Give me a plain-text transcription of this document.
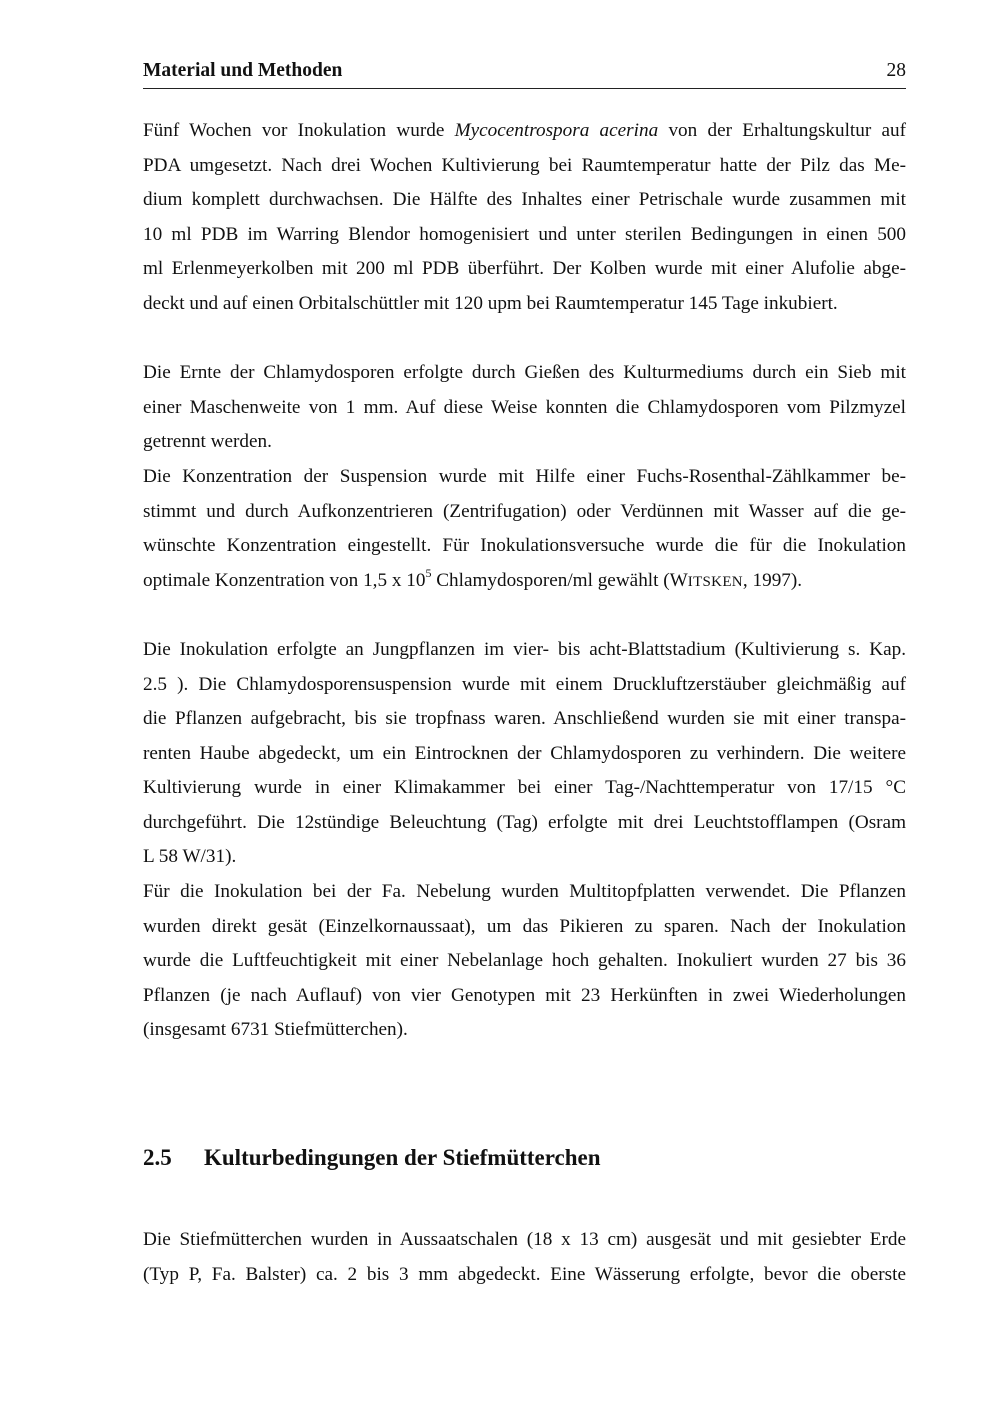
Material und Methoden	28
Fünf Wochen vor Inokulation wurde Mycocentrospora acerina von der Erhaltungskultur auf
PDA umgesetzt. Nach drei Wochen Kultivierung bei Raumtemperatur hatte der Pilz das Me-
dium komplett durchwachsen. Die Hälfte des Inhaltes einer Petrischale wurde zusammen mit
10 ml PDB im Warring Blendor homogenisiert und unter sterilen Bedingungen in einen 500
ml Erlenmeyerkolben mit 200 ml PDB überführt. Der Kolben wurde mit einer Alufolie abge-
deckt und auf einen Orbitalschüttler mit 120 upm bei Raumtemperatur 145 Tage inkubiert.
Die Ernte der Chlamydosporen erfolgte durch Gießen des Kulturmediums durch ein Sieb mit
einer Maschenweite von 1 mm. Auf diese Weise konnten die Chlamydosporen vom Pilzmyzel
getrennt werden.
Die Konzentration der Suspension wurde mit Hilfe einer Fuchs-Rosenthal-Zählkammer be-
stimmt und durch Aufkonzentrieren (Zentrifugation) oder Verdünnen mit Wasser auf die ge-
wünschte Konzentration eingestellt. Für Inokulationsversuche wurde die für die Inokulation
optimale Konzentration von 1,5 x $10^5$ Chlamydosporen/ml gewählt (WITSKEN, 1997).
Die Inokulation erfolgte an Jungpflanzen im vier- bis acht-Blattstadium (Kultivierung s. Kap.
2.5 ). Die Chlamydosporensuspension wurde mit einem Druckluftzerstäuber gleichmäßig auf
die Pflanzen aufgebracht, bis sie tropfnass waren. Anschließend wurden sie mit einer transpa-
renten Haube abgedeckt, um ein Eintrocknen der Chlamydosporen zu verhindern. Die weitere
Kultivierung wurde in einer Klimakammer bei einer Tag-/Nachttemperatur von 17/15 °C
durchgeführt. Die 12stündige Beleuchtung (Tag) erfolgte mit drei Leuchtstofflampen (Osram
L 58 W/31).
Für die Inokulation bei der Fa. Nebelung wurden Multitopfplatten verwendet. Die Pflanzen
wurden direkt gesät (Einzelkornaussaat), um das Pikieren zu sparen. Nach der Inokulation
wurde die Luftfeuchtigkeit mit einer Nebelanlage hoch gehalten. Inokuliert wurden 27 bis 36
Pflanzen (je nach Auflauf) von vier Genotypen mit 23 Herkünften in zwei Wiederholungen
(insgesamt 6731 Stiefmütterchen).
2.5 Kulturbedingungen der Stiefmütterchen
Die Stiefmütterchen wurden in Aussaatschalen (18 x 13 cm) ausgesät und mit gesiebter Erde
(Typ P, Fa. Balster) ca. 2 bis 3 mm abgedeckt. Eine Wässerung erfolgte, bevor die oberste
